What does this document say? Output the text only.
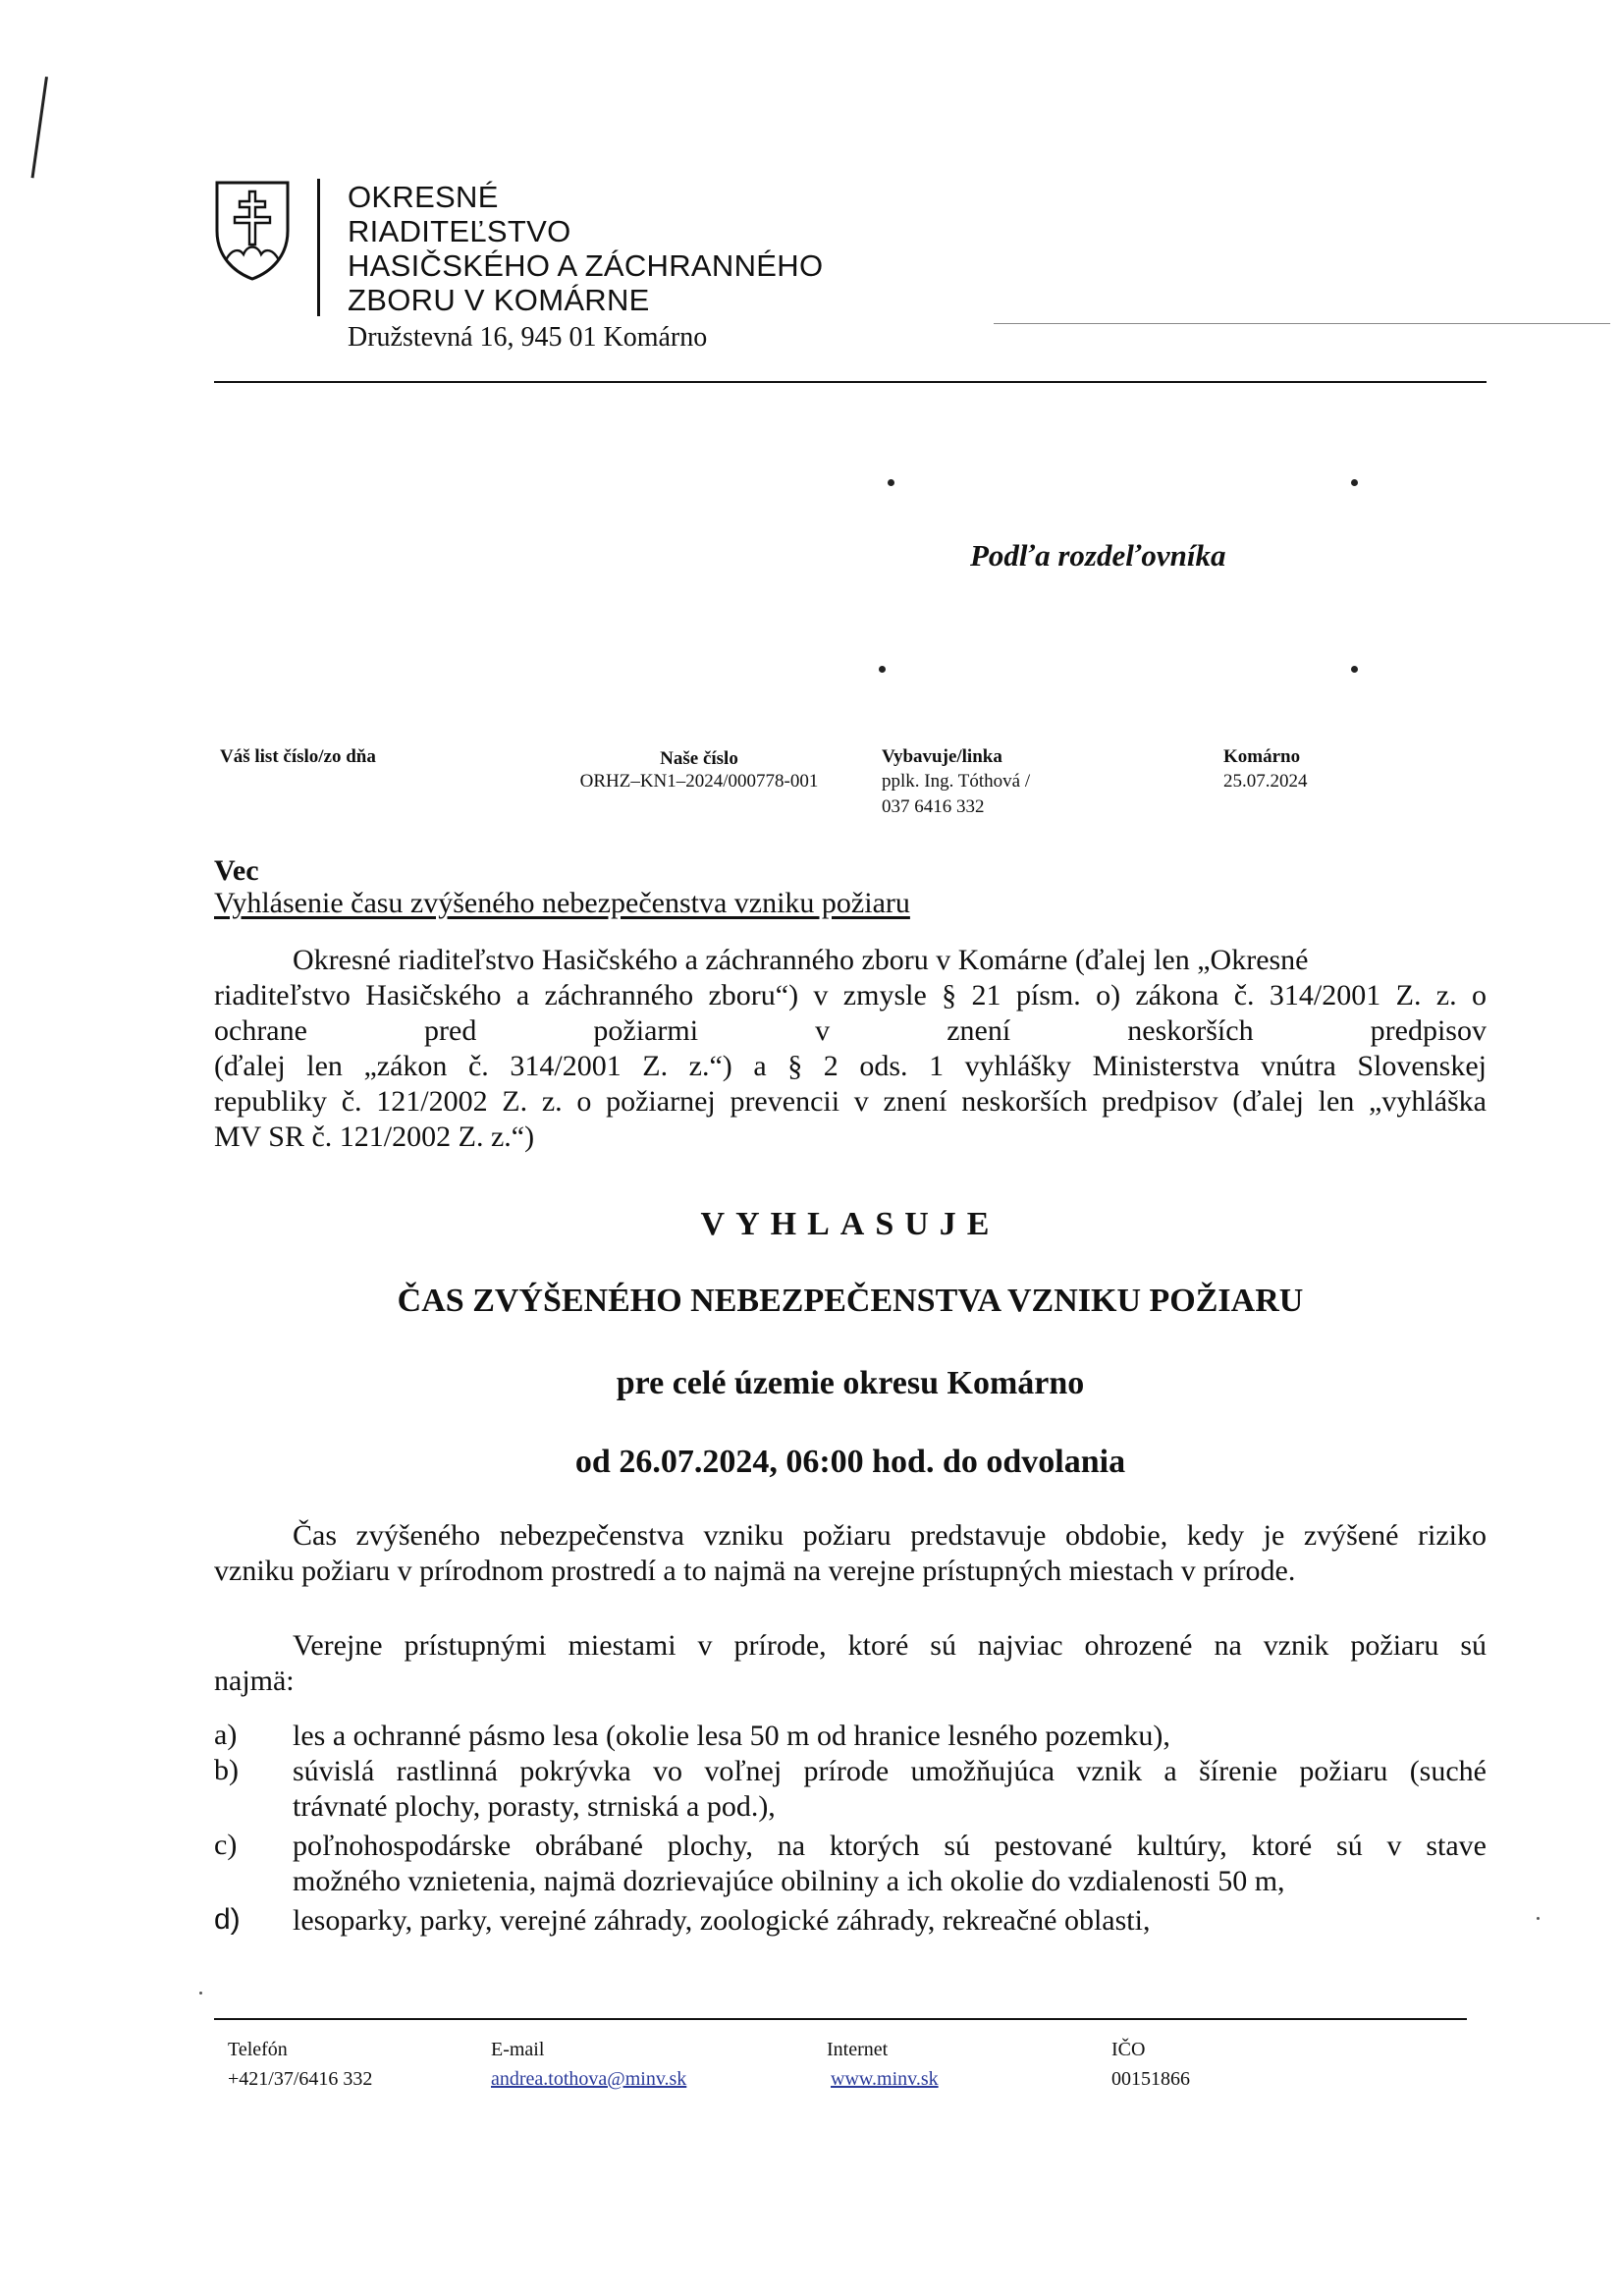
OKRESNÉ
RIADITEĽSTVO
HASIČSKÉHO A ZÁCHRANNÉHO
ZBORU V KOMÁRNE
Družstevná 16, 945 01 Komárno
Podľa rozdeľovníka
Váš list číslo/zo dňa	Naše číslo
ORHZ–KN1–2024/000778-001
Vybavuje/linka
pplk. Ing. Tóthová /
037 6416 332
Komárno
25.07.2024
Vec
Vyhlásenie času zvýšeného nebezpečenstva vzniku požiaru
Okresné riaditeľstvo Hasičského a záchranného zboru v Komárne (ďalej len „Okresné
riaditeľstvo Hasičského a záchranného zboru“) v zmysle § 21 písm. o) zákona č. 314/2001 Z. z. o
ochrane pred požiarmi v znení neskorších predpisov
(ďalej len „zákon č. 314/2001 Z. z.“) a § 2 ods. 1 vyhlášky Ministerstva vnútra Slovenskej
republiky č. 121/2002 Z. z. o požiarnej prevencii v znení neskorších predpisov (ďalej len „vyhláška
MV SR č. 121/2002 Z. z.“)
VYHLASUJE
ČAS ZVÝŠENÉHO NEBEZPEČENSTVA VZNIKU POŽIARU
pre celé územie okresu Komárno
od 26.07.2024, 06:00 hod. do odvolania
Čas zvýšeného nebezpečenstva vzniku požiaru predstavuje obdobie, kedy je zvýšené riziko
vzniku požiaru v prírodnom prostredí a to najmä na verejne prístupných miestach v prírode.
Verejne prístupnými miestami v prírode, ktoré sú najviac ohrozené na vznik požiaru sú
najmä:
a) les a ochranné pásmo lesa (okolie lesa 50 m od hranice lesného pozemku),
b) súvislá rastlinná pokrývka vo voľnej prírode umožňujúca vznik a šírenie požiaru (suché
trávnaté plochy, porasty, strniská a pod.),
c) poľnohospodárske obrábané plochy, na ktorých sú pestované kultúry, ktoré sú v stave
možného vznietenia, najmä dozrievajúce obilniny a ich okolie do vzdialenosti 50 m,
d) lesoparky, parky, verejné záhrady, zoologické záhrady, rekreačné oblasti,
Telefón
+421/37/6416 332
E-mail
andrea.tothova@minv.sk
Internet
www.minv.sk
IČO
00151866
